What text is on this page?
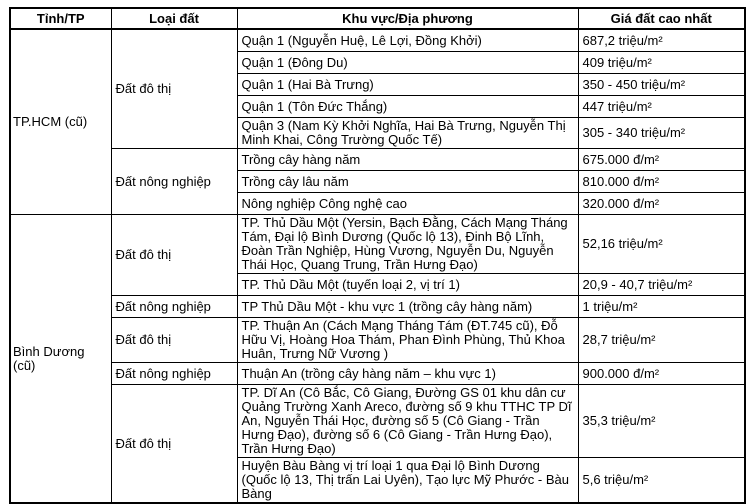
Tỉnh/TP	Loại đất	Khu vực/Địa phương	Giá đất cao nhất
TP.HCM (cũ)	Đất đô thị	Quận 1 (Nguyễn Huệ, Lê Lợi, Đồng Khởi)	687,2 triệu/m²
		Quận 1 (Đông Du)	409 triệu/m²
		Quận 1 (Hai Bà Trưng)	350 - 450 triệu/m²
		Quận 1 (Tôn Đức Thắng)	447 triệu/m²
		Quận 3 (Nam Kỳ Khởi Nghĩa, Hai Bà Trưng, Nguyễn Thị Minh Khai, Công Trường Quốc Tế)	305 - 340 triệu/m²
	Đất nông nghiệp	Trồng cây hàng năm	675.000 đ/m²
		Trồng cây lâu năm	810.000 đ/m²
		Nông nghiệp Công nghệ cao	320.000 đ/m²
Bình Dương (cũ)	Đất đô thị	TP. Thủ Dầu Một (Yersin, Bạch Đằng, Cách Mạng Tháng Tám, Đại lộ Bình Dương (Quốc lộ 13), Đinh Bộ Lĩnh, Đoàn Trần Nghiệp, Hùng Vương, Nguyễn Du, Nguyễn Thái Học, Quang Trung, Trần Hưng Đạo)	52,16 triệu/m²
		TP. Thủ Dầu Một (tuyến loại 2, vị trí 1)	20,9 - 40,7 triệu/m²
	Đất nông nghiệp	TP Thủ Dầu Một - khu vực 1 (trồng cây hàng năm)	1 triệu/m²
	Đất đô thị	TP. Thuận An (Cách Mạng Tháng Tám (ĐT.745 cũ), Đỗ Hữu Vị, Hoàng Hoa Thám, Phan Đình Phùng, Thủ Khoa Huân, Trưng Nữ Vương )	28,7 triệu/m²
	Đất nông nghiệp	Thuận An (trồng cây hàng năm – khu vực 1)	900.000 đ/m²
	Đất đô thị	TP. Dĩ An (Cô Bắc, Cô Giang, Đường GS 01 khu dân cư Quảng Trường Xanh Areco, đường số 9 khu TTHC TP Dĩ An, Nguyễn Thái Học, đường số 5 (Cô Giang - Trần Hưng Đạo), đường số 6 (Cô Giang - Trần Hưng Đạo), Trần Hưng Đạo)	35,3 triệu/m²
		Huyện Bàu Bàng vị trí loại 1 qua Đại lộ Bình Dương (Quốc lộ 13, Thị trấn Lai Uyên), Tạo lực Mỹ Phước - Bàu Bàng	5,6 triệu/m²
